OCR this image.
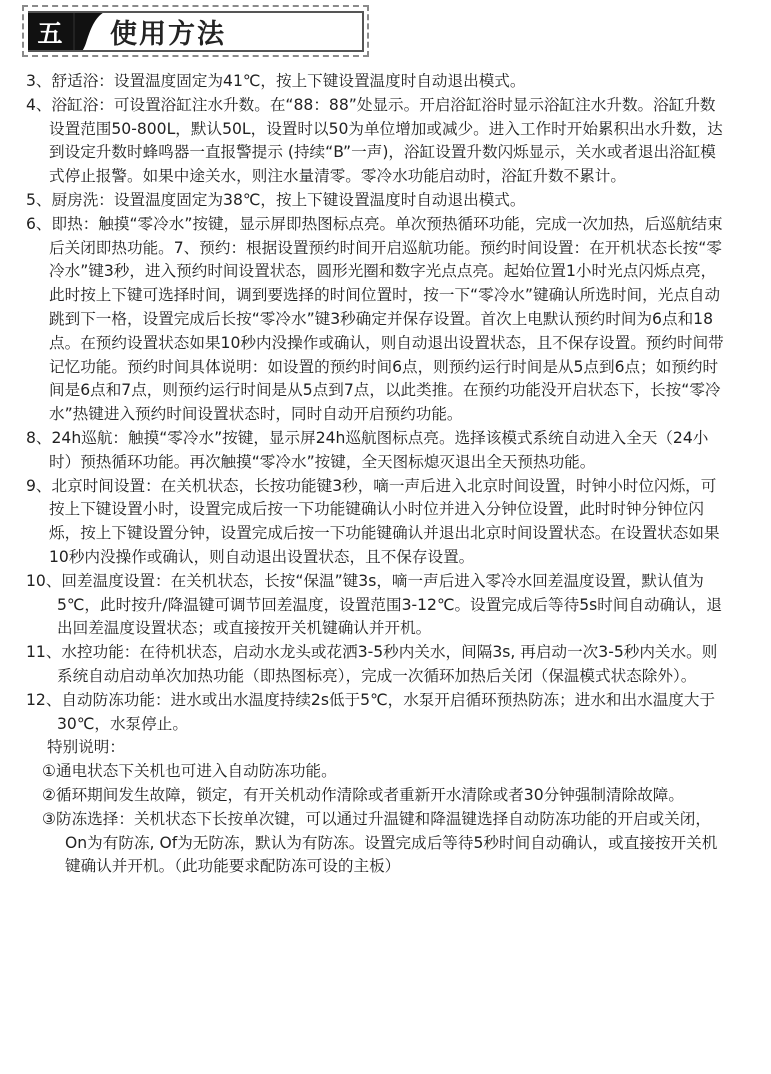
五	使用方法

3、舒适浴：设置温度固定为41℃，按上下键设置温度时自动退出模式。

4、浴缸浴：可设置浴缸注水升数。在“88：88”处显示。开启浴缸浴时显示浴缸注水升数。浴缸升数设置范围50-800L，默认50L，设置时以50为单位增加或减少。进入工作时开始累积出水升数，达到设定升数时蜂鸣器一直报警提示 (持续“B”一声)，浴缸设置升数闪烁显示，关水或者退出浴缸模式停止报警。如果中途关水，则注水量清零。零冷水功能启动时，浴缸升数不累计。

5、厨房洗：设置温度固定为38℃，按上下键设置温度时自动退出模式。

6、即热：触摸“零冷水”按键，显示屏即热图标点亮。单次预热循环功能，完成一次加热，后巡航结束后关闭即热功能。7、预约：根据设置预约时间开启巡航功能。预约时间设置：在开机状态长按“零冷水”键3秒，进入预约时间设置状态，圆形光圈和数字光点点亮。起始位置1小时光点闪烁点亮，此时按上下键可选择时间，调到要选择的时间位置时，按一下“零冷水”键确认所选时间，光点自动跳到下一格，设置完成后长按“零冷水”键3秒确定并保存设置。首次上电默认预约时间为6点和18点。在预约设置状态如果10秒内没操作或确认，则自动退出设置状态，且不保存设置。预约时间带记忆功能。预约时间具体说明：如设置的预约时间6点，则预约运行时间是从5点到6点；如预约时间是6点和7点，则预约运行时间是从5点到7点，以此类推。在预约功能没开启状态下，长按“零冷水”热键进入预约时间设置状态时，同时自动开启预约功能。

8、24h巡航：触摸“零冷水”按键，显示屏24h巡航图标点亮。选择该模式系统自动进入全天（24小时）预热循环功能。再次触摸“零冷水”按键，全天图标熄灭退出全天预热功能。

9、北京时间设置：在关机状态，长按功能键3秒，嘀一声后进入北京时间设置，时钟小时位闪烁，可按上下键设置小时，设置完成后按一下功能键确认小时位并进入分钟位设置，此时时钟分钟位闪烁，按上下键设置分钟，设置完成后按一下功能键确认并退出北京时间设置状态。在设置状态如果10秒内没操作或确认，则自动退出设置状态，且不保存设置。

10、回差温度设置：在关机状态，长按“保温”键3s，嘀一声后进入零冷水回差温度设置，默认值为5℃，此时按升/降温键可调节回差温度，设置范围3-12℃。设置完成后等待5s时间自动确认，退出回差温度设置状态；或直接按开关机键确认并开机。

11、水控功能：在待机状态，启动水龙头或花洒3-5秒内关水，间隔3s, 再启动一次3-5秒内关水。则系统自动启动单次加热功能（即热图标亮），完成一次循环加热后关闭（保温模式状态除外）。

12、自动防冻功能：进水或出水温度持续2s低于5℃，水泵开启循环预热防冻；进水和出水温度大于30℃，水泵停止。

特别说明：

①通电状态下关机也可进入自动防冻功能。

②循环期间发生故障，锁定，有开关机动作清除或者重新开水清除或者30分钟强制清除故障。

③防冻选择：关机状态下长按单次键，可以通过升温键和降温键选择自动防冻功能的开启或关闭，On为有防冻, Of为无防冻，默认为有防冻。设置完成后等待5秒时间自动确认，或直接按开关机键确认并开机。（此功能要求配防冻可设的主板）
